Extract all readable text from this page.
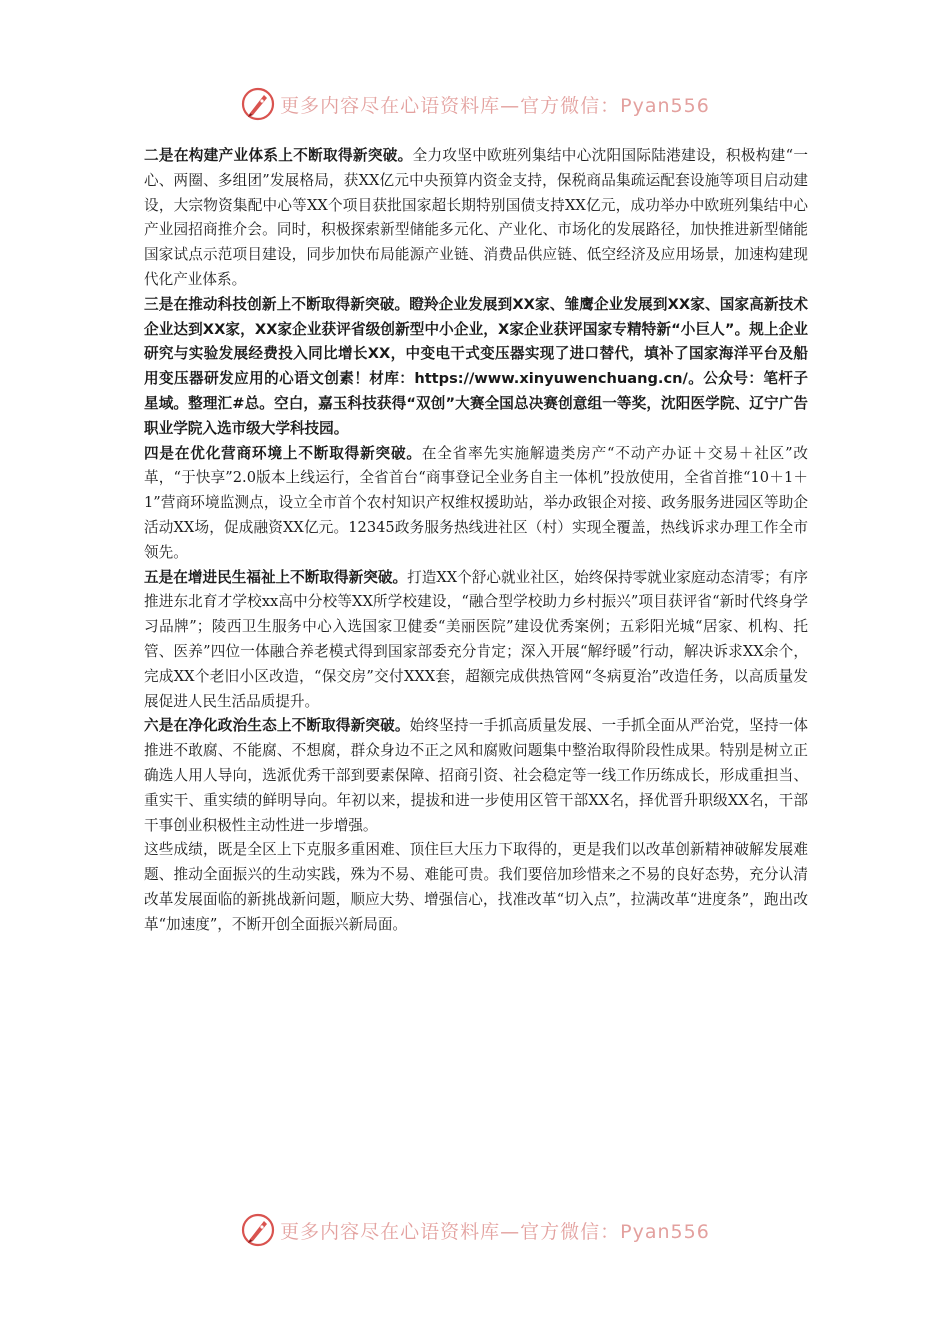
更多内容尽在心语资料库—官方微信：Pyan556

二是在构建产业体系上不断取得新突破。全力攻坚中欧班列集结中心沈阳国际陆港建设，积极构建“一心、两圈、多组团”发展格局，获XX亿元中央预算内资金支持，保税商品集疏运配套设施等项目启动建设，大宗物资集配中心等XX个项目获批国家超长期特别国债支持XX亿元，成功举办中欧班列集结中心产业园招商推介会。同时，积极探索新型储能多元化、产业化、市场化的发展路径，加快推进新型储能国家试点示范项目建设，同步加快布局能源产业链、消费品供应链、低空经济及应用场景，加速构建现代化产业体系。

三是在推动科技创新上不断取得新突破。瞪羚企业发展到XX家、雏鹰企业发展到XX家、国家高新技术企业达到XX家，XX家企业获评省级创新型中小企业，X家企业获评国家专精特新“小巨人”。规上企业研究与实验发展经费投入同比增长XX，中变电干式变压器实现了进口替代，填补了国家海洋平台及船用变压器研发应用的心语文创素！材库：https://www.xinyuwenchuang.cn/。公众号：笔杆子星域。整理汇#总。空白，嘉玉科技获得“双创”大赛全国总决赛创意组一等奖，沈阳医学院、辽宁广告职业学院入选市级大学科技园。

四是在优化营商环境上不断取得新突破。在全省率先实施解遗类房产“不动产办证＋交易＋社区”改革，“于快享”2.0版本上线运行，全省首台“商事登记全业务自主一体机”投放使用，全省首推“10＋1＋1”营商环境监测点，设立全市首个农村知识产权维权援助站，举办政银企对接、政务服务进园区等助企活动XX场，促成融资XX亿元。12345政务服务热线进社区（村）实现全覆盖，热线诉求办理工作全市领先。

五是在增进民生福祉上不断取得新突破。打造XX个舒心就业社区，始终保持零就业家庭动态清零；有序推进东北育才学校xx高中分校等XX所学校建设，“融合型学校助力乡村振兴”项目获评省“新时代终身学习品牌”；陵西卫生服务中心入选国家卫健委“美丽医院”建设优秀案例；五彩阳光城“居家、机构、托管、医养”四位一体融合养老模式得到国家部委充分肯定；深入开展“解纾暖”行动，解决诉求XX余个，完成XX个老旧小区改造，“保交房”交付XXX套，超额完成供热管网“冬病夏治”改造任务，以高质量发展促进人民生活品质提升。

六是在净化政治生态上不断取得新突破。始终坚持一手抓高质量发展、一手抓全面从严治党，坚持一体推进不敢腐、不能腐、不想腐，群众身边不正之风和腐败问题集中整治取得阶段性成果。特别是树立正确选人用人导向，选派优秀干部到要素保障、招商引资、社会稳定等一线工作历练成长，形成重担当、重实干、重实绩的鲜明导向。年初以来，提拔和进一步使用区管干部XX名，择优晋升职级XX名，干部干事创业积极性主动性进一步增强。

这些成绩，既是全区上下克服多重困难、顶住巨大压力下取得的，更是我们以改革创新精神破解发展难题、推动全面振兴的生动实践，殊为不易、难能可贵。我们要倍加珍惜来之不易的良好态势，充分认清改革发展面临的新挑战新问题，顺应大势、增强信心，找准改革“切入点”，拉满改革“进度条”，跑出改革“加速度”，不断开创全面振兴新局面。

更多内容尽在心语资料库—官方微信：Pyan556
